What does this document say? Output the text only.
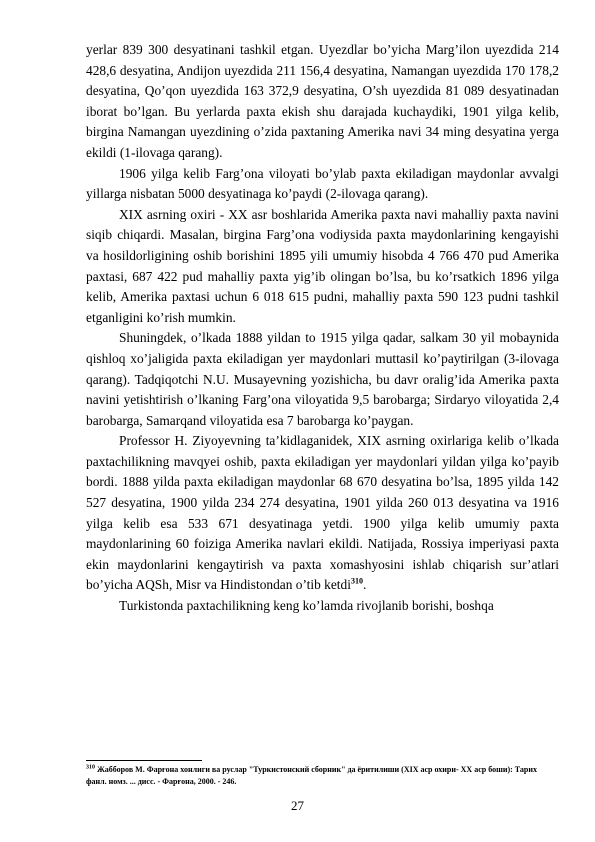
yerlar 839 300 desyatinani tashkil etgan. Uyezdlar bo’yicha Marg’ilon uyezdida 214 428,6 desyatina, Andijon uyezdida 211 156,4 desyatina, Namangan uyezdida 170 178,2 desyatina, Qo’qon uyezdida 163 372,9 desyatina, O’sh uyezdida 81 089 desyatinadan iborat bo’lgan. Bu yerlarda paxta ekish shu darajada kuchaydiki, 1901 yilga kelib, birgina Namangan uyezdining o’zida paxtaning Amerika navi 34 ming desyatina yerga ekildi (1-ilovaga qarang).

1906 yilga kelib Farg’ona viloyati bo’ylab paxta ekiladigan maydonlar avvalgi yillarga nisbatan 5000 desyatinaga ko’paydi (2-ilovaga qarang).

XIX asrning oxiri - XX asr boshlarida Amerika paxta navi mahalliy paxta navini siqib chiqardi. Masalan, birgina Farg’ona vodiysida paxta maydonlarining kengayishi va hosildorligining oshib borishini 1895 yili umumiy hisobda 4 766 470 pud Amerika paxtasi, 687 422 pud mahalliy paxta yig’ib olingan bo’lsa, bu ko’rsatkich 1896 yilga kelib, Amerika paxtasi uchun 6 018 615 pudni, mahalliy paxta 590 123 pudni tashkil etganligini ko’rish mumkin.

Shuningdek, o’lkada 1888 yildan to 1915 yilga qadar, salkam 30 yil mobaynida qishloq xo’jaligida paxta ekiladigan yer maydonlari muttasil ko’paytirilgan (3-ilovaga qarang). Tadqiqotchi N.U. Musayevning yozishicha, bu davr oralig’ida Amerika paxta navini yetishtirish o’lkaning Farg’ona viloyatida 9,5 barobarga; Sirdaryo viloyatida 2,4 barobarga, Samarqand viloyatida esa 7 barobarga ko’paygan.

Professor H. Ziyoyevning ta’kidlaganidek, XIX asrning oxirlariga kelib o’lkada paxtachilikning mavqyei oshib, paxta ekiladigan yer maydonlari yildan yilga ko’payib bordi. 1888 yilda paxta ekiladigan maydonlar 68 670 desyatina bo’lsa, 1895 yilda 142 527 desyatina, 1900 yilda 234 274 desyatina, 1901 yilda 260 013 desyatina va 1916 yilga kelib esa 533 671 desyatinaga yetdi. 1900 yilga kelib umumiy paxta maydonlarining 60 foiziga Amerika navlari ekildi. Natijada, Rossiya imperiyasi paxta ekin maydonlarini kengaytirish va paxta xomashyosini ishlab chiqarish sur’atlari bo’yicha AQSh, Misr va Hindistondan o’tib ketdi$^{310}$.

Turkistonda paxtachilikning keng ko’lamda rivojlanib borishi, boshqa

$^{310}$ Жабборов М. Фарғона хонлиги ва руслар "Туркистонский сборник" да ёритилиши (XIX аср охири- XX аср боши): Тарих фанл. номз. ... дисс. - Фарғона, 2000. - 246.
27
